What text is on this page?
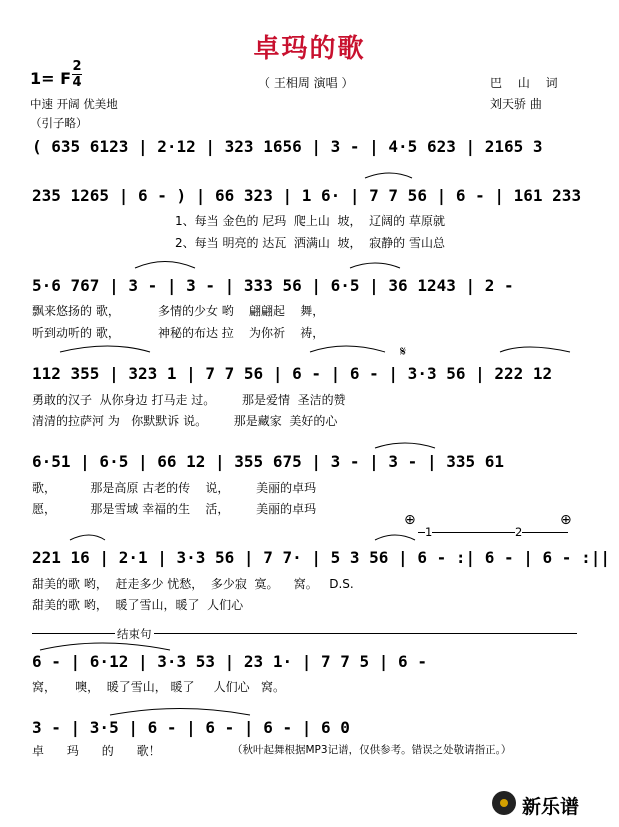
卓玛的歌
1= F
2
4	（ 王相周 演唱 ）	巴 山 词
刘天骄 曲
中速 开阔 优美地
（引子略）
( 635 6123 | 2·12 | 323 1656 | 3 - | 4·5 623 | 2165 3
235 1265 | 6 - ) | 66 323 | 1 6· | 7 7 56 | 6 - | 161 233
1、每当 金色的 尼玛  爬上山  坡，  辽阔的 草原就
2、每当 明亮的 达瓦  洒满山  坡，  寂静的 雪山总
5·6 767 | 3 - | 3 - | 333 56 | 6·5 | 36 1243 | 2 -
飘来悠扬的 歌，          多情的少女 哟    翩翩起    舞，
听到动听的 歌，          神秘的布达 拉    为你祈    祷，
112 355 | 323 1 | 7 7 56 | 6 - | 6 - | 3·3 56 | 222 12
勇敢的汉子  从你身边 打马走 过。       那是爱情  圣洁的赞
清清的拉萨河 为   你默默诉 说。       那是藏家  美好的心
6·51 | 6·5 | 66 12 | 355 675 | 3 - | 3 - | 335 61
歌，         那是高原 古老的传    说，       美丽的卓玛
愿，         那是雪域 幸福的生    活，       美丽的卓玛
221 16 | 2·1 | 3·3 56 | 7 7· | 5 3 56 | 6 - :| 6 - | 6 - :||
甜美的歌 哟，  赶走多少 忧愁，  多少寂  寞。    窝。   D.S.
甜美的歌 哟，  暖了雪山，暖了  人们心
6 - | 6·12 | 3·3 53 | 23 1· | 7 7 5 | 6 -
窝，     噢，  暖了雪山， 暖了     人们心   窝。
3 - | 3·5 | 6 - | 6 - | 6 - | 6 0
卓      玛      的      歌！
结束句
1	2
𝄋
⊕	⊕
（秋叶起舞根据MP3记谱，仅供参考。错误之处敬请指正。）
新乐谱
